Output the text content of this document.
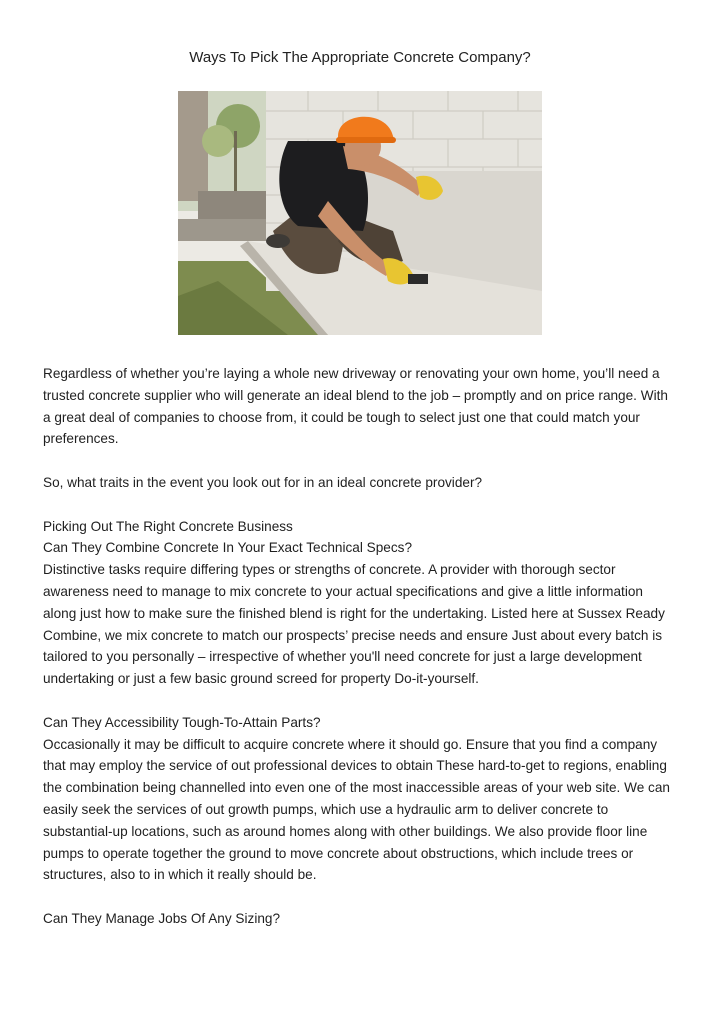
Ways To Pick The Appropriate Concrete Company?

Regardless of whether you’re laying a whole new driveway or renovating your own home, you’ll need a trusted concrete supplier who will generate an ideal blend to the job – promptly and on price range. With a great deal of companies to choose from, it could be tough to select just one that could match your preferences.

So, what traits in the event you look out for in an ideal concrete provider?

Picking Out The Right Concrete Business

Can They Combine Concrete In Your Exact Technical Specs?

Distinctive tasks require differing types or strengths of concrete. A provider with thorough sector awareness need to manage to mix concrete to your actual specifications and give a little information along just how to make sure the finished blend is right for the undertaking. Listed here at Sussex Ready Combine, we mix concrete to match our prospects’ precise needs and ensure Just about every batch is tailored to you personally – irrespective of whether you'll need concrete for just a large development undertaking or just a few basic ground screed for property Do-it-yourself.

Can They Accessibility Tough-To-Attain Parts?

Occasionally it may be difficult to acquire concrete where it should go. Ensure that you find a company that may employ the service of out professional devices to obtain These hard-to-get to regions, enabling the combination being channelled into even one of the most inaccessible areas of your web site. We can easily seek the services of out growth pumps, which use a hydraulic arm to deliver concrete to substantial-up locations, such as around homes along with other buildings. We also provide floor line pumps to operate together the ground to move concrete about obstructions, which include trees or structures, also to in which it really should be.

Can They Manage Jobs Of Any Sizing?
